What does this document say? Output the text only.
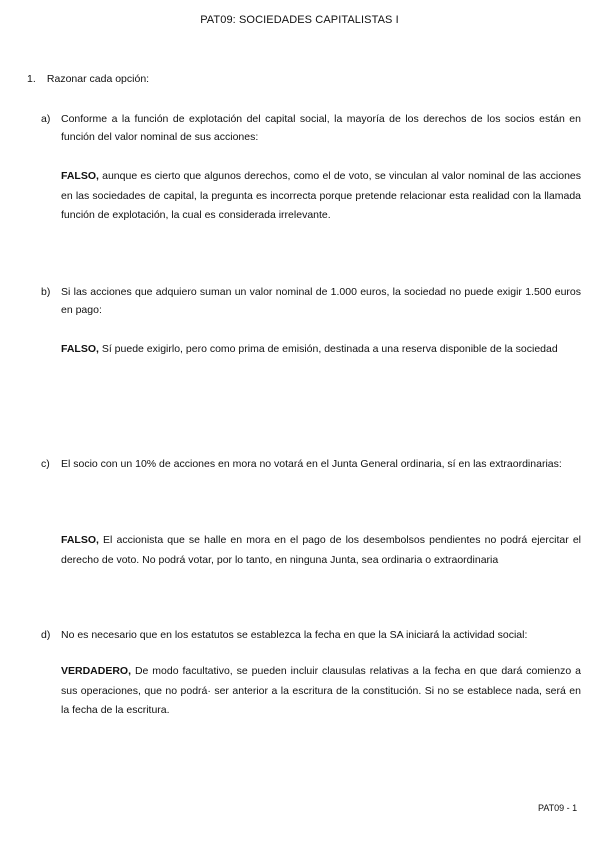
PAT09: SOCIEDADES CAPITALISTAS I
1. Razonar cada opción:
a)	Conforme a la función de explotación del capital social, la mayoría de los derechos de los socios están en función del valor nominal de sus acciones:
FALSO, aunque es cierto que algunos derechos, como el de voto, se vinculan al valor nominal de las acciones en las sociedades de capital, la pregunta es incorrecta porque pretende relacionar esta realidad con la llamada función de explotación, la cual es considerada irrelevante.
b)	Si las acciones que adquiero suman un valor nominal de 1.000 euros, la sociedad no puede exigir 1.500 euros en pago:
FALSO, Sí puede exigirlo, pero como prima de emisión, destinada a una reserva disponible de la sociedad
c)	El socio con un 10% de acciones en mora no votará en el Junta General ordinaria, sí en las extraordinarias:
FALSO, El accionista que se halle en mora en el pago de los desembolsos pendientes no podrá ejercitar el derecho de voto. No podrá votar, por lo tanto, en ninguna Junta, sea ordinaria o extraordinaria
d)	No es necesario que en los estatutos se establezca la fecha en que la SA iniciará la actividad social:
VERDADERO, De modo facultativo, se pueden incluir clausulas relativas a la fecha en que dará comienzo a sus operaciones, que no podrá· ser anterior a la escritura de la constitución. Si no se establece nada, será en la fecha de la escritura.
PAT09 - 1
